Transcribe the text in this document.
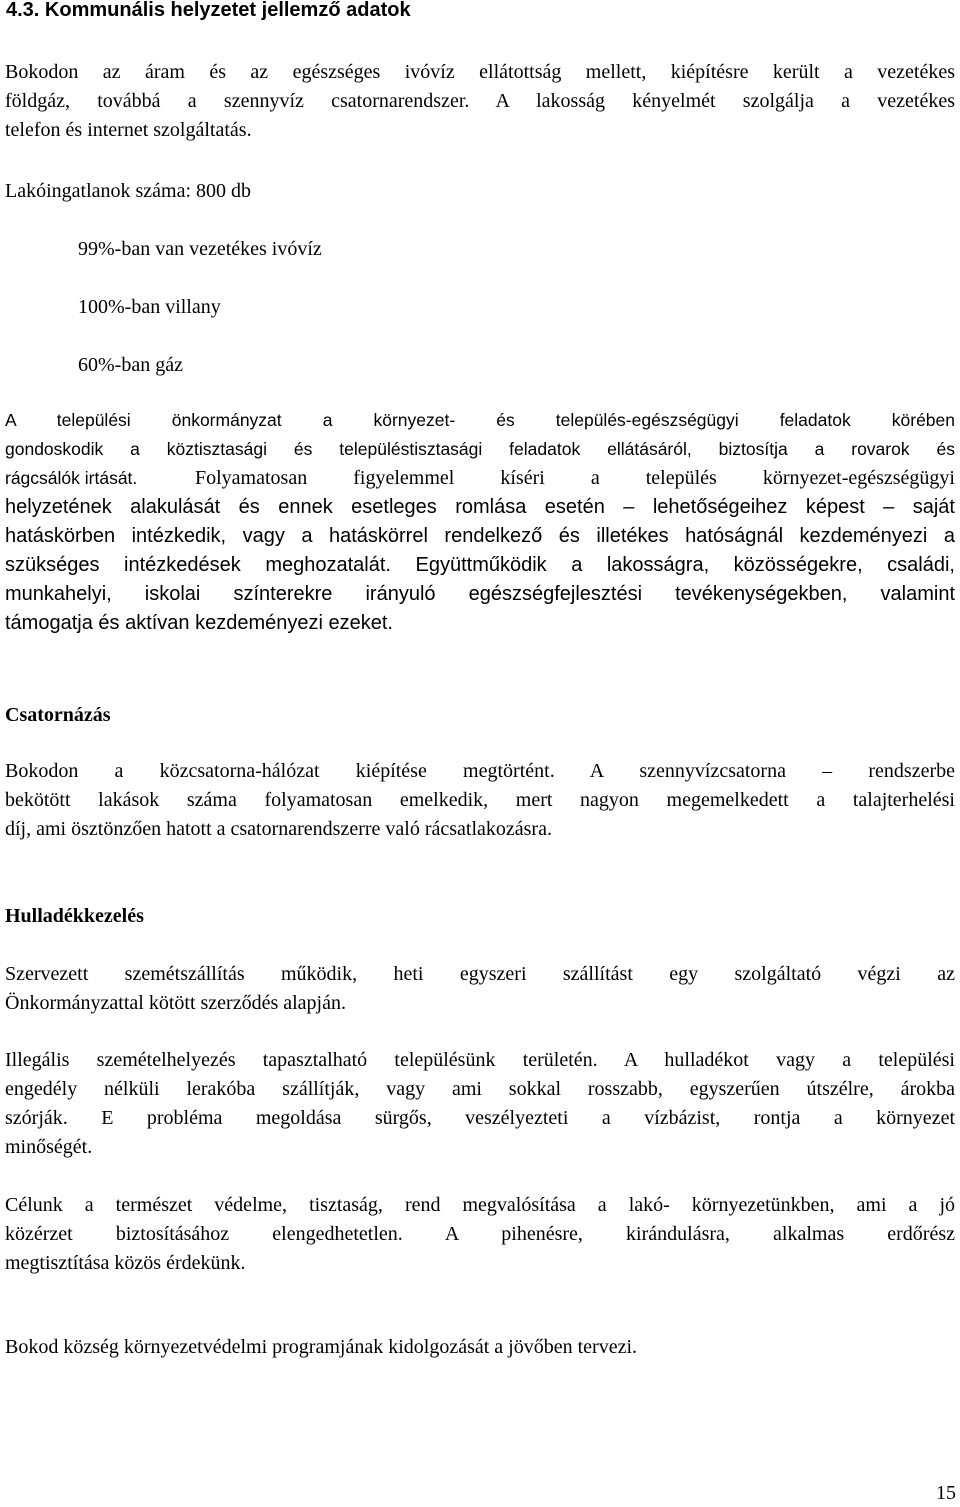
4.3. Kommunális helyzetet jellemző adatok
Bokodon az áram és az egészséges ivóvíz ellátottság mellett, kiépítésre került a vezetékes
földgáz, továbbá a szennyvíz csatornarendszer. A lakosság kényelmét szolgálja a vezetékes
telefon és internet szolgáltatás.

Lakóingatlanok száma: 800 db

99%-ban van vezetékes ivóvíz

100%-ban villany

60%-ban gáz

A települési önkormányzat a környezet- és település-egészségügyi feladatok körében
gondoskodik a köztisztasági és településtisztasági feladatok ellátásáról, biztosítja a rovarok és
rágcsálók irtását.	Folyamatosan figyelemmel kíséri a település környezet-egészségügyi
helyzetének alakulását és ennek esetleges romlása esetén – lehetőségeihez képest – saját
hatáskörben intézkedik, vagy a hatáskörrel rendelkező és illetékes hatóságnál kezdeményezi a
szükséges intézkedések meghozatalát. Együttműködik a lakosságra, közösségekre, családi,
munkahelyi, iskolai színterekre irányuló egészségfejlesztési tevékenységekben, valamint
támogatja és aktívan kezdeményezi ezeket.
Csatornázás
Bokodon a közcsatorna-hálózat kiépítése megtörtént. A szennyvízcsatorna – rendszerbe
bekötött lakások száma folyamatosan emelkedik, mert nagyon megemelkedett a talajterhelési
díj, ami ösztönzően hatott a csatornarendszerre való rácsatlakozásra.
Hulladékkezelés
Szervezett szemétszállítás működik, heti egyszeri szállítást egy szolgáltató végzi az
Önkormányzattal kötött szerződés alapján.
Illegális szemételhelyezés tapasztalható településünk területén. A hulladékot vagy a települési
engedély nélküli lerakóba szállítják, vagy ami sokkal rosszabb, egyszerűen útszélre, árokba
szórják. E probléma megoldása sürgős, veszélyezteti a vízbázist, rontja a környezet
minőségét.
Célunk a természet védelme, tisztaság, rend megvalósítása a lakó- környezetünkben, ami a jó
közérzet biztosításához elengedhetetlen. A pihenésre, kirándulásra, alkalmas erdőrész
megtisztítása közös érdekünk.
Bokod község környezetvédelmi programjának kidolgozását a jövőben tervezi.

15
